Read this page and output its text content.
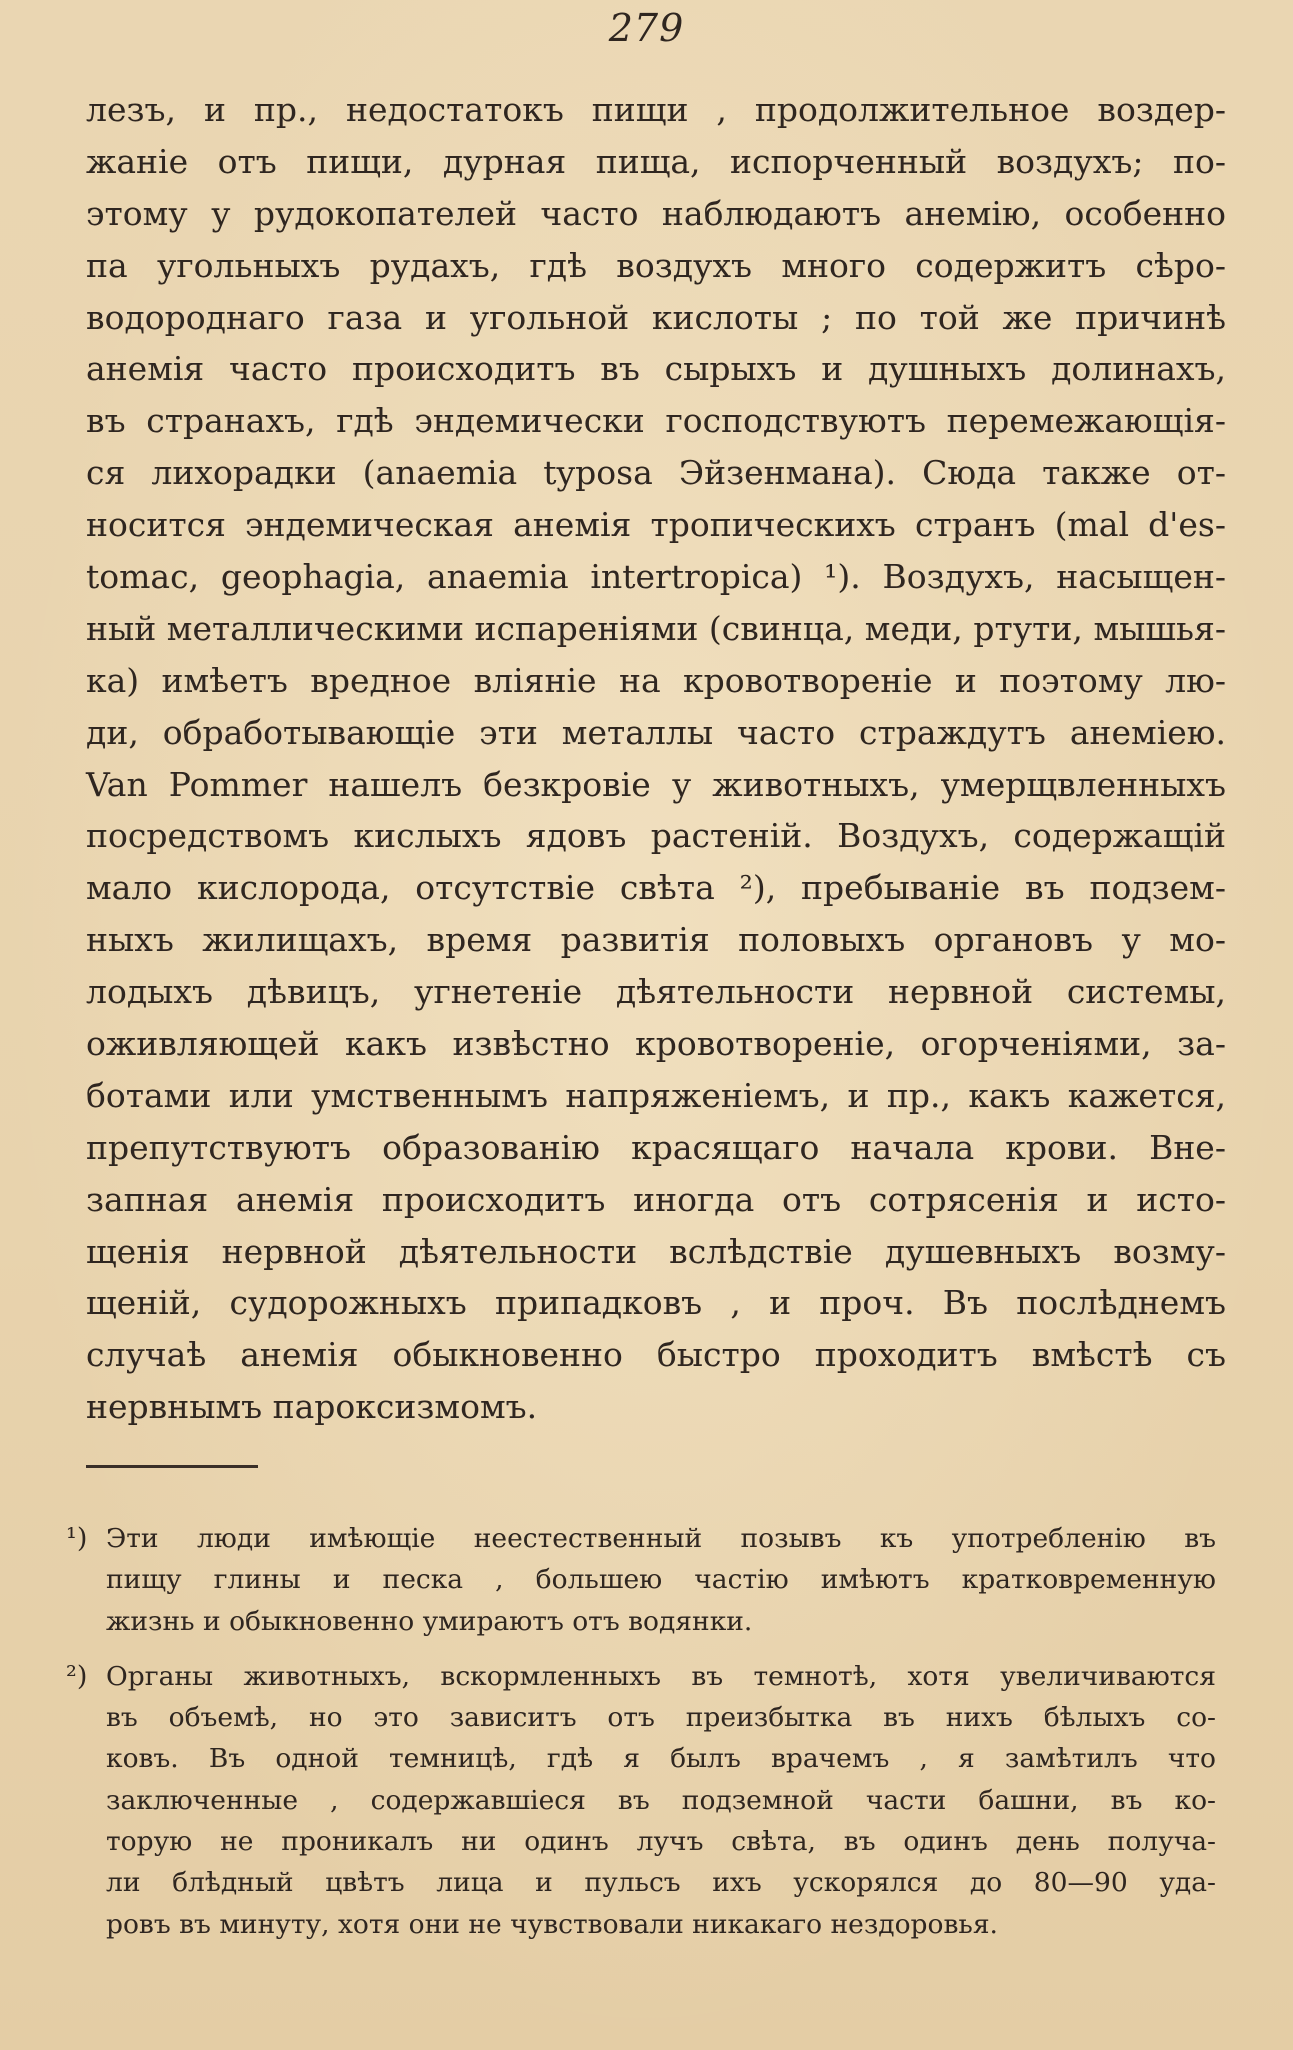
279
лезъ, и пр., недостатокъ пищи , продолжительное воздер-
жаніе отъ пищи, дурная пища, испорченный воздухъ; по-
этому у рудокопателей часто наблюдаютъ анемію, особенно
па угольныхъ рудахъ, гдѣ воздухъ много содержитъ сѣро-
водороднаго газа и угольной кислоты ; по той же причинѣ
анемія часто происходитъ въ сырыхъ и душныхъ долинахъ,
въ странахъ, гдѣ эндемически господствуютъ перемежающія-
ся лихорадки (anaemia typosa Эйзенмана). Сюда также от-
носится эндемическая анемія тропическихъ странъ (mal d'es-
tomac, geophagia, anaemia intertropica) ¹). Воздухъ, насыщен-
ный металлическими испареніями (свинца, меди, ртути, мышья-
ка) имѣетъ вредное вліяніе на кровотвореніе и поэтому лю-
ди, обработывающіе эти металлы часто страждутъ анеміею.
Van Pommer нашелъ безкровіе у животныхъ, умерщвленныхъ
посредствомъ кислыхъ ядовъ растеній. Воздухъ, содержащій
мало кислорода, отсутствіе свѣта ²), пребываніе въ подзем-
ныхъ жилищахъ, время развитія половыхъ органовъ у мо-
лодыхъ дѣвицъ, угнетеніе дѣятельности нервной системы,
оживляющей какъ извѣстно кровотвореніе, огорченіями, за-
ботами или умственнымъ напряженіемъ, и пр., какъ кажется,
препутствуютъ образованію красящаго начала крови. Вне-
запная анемія происходитъ иногда отъ сотрясенія и исто-
щенія нервной дѣятельности вслѣдствіе душевныхъ возму-
щеній, судорожныхъ припадковъ , и проч. Въ послѣднемъ
случаѣ анемія обыкновенно быстро проходитъ вмѣстѣ съ
нервнымъ пароксизмомъ.
¹) Эти люди имѣющіе неестественный позывъ къ употребленію въ
пищу глины и песка , большею частію имѣютъ кратковременную
жизнь и обыкновенно умираютъ отъ водянки.
²) Органы животныхъ, вскормленныхъ въ темнотѣ, хотя увеличиваются
въ объемѣ, но это зависитъ отъ преизбытка въ нихъ бѣлыхъ со-
ковъ. Въ одной темницѣ, гдѣ я былъ врачемъ , я замѣтилъ что
заключенные , содержавшіеся въ подземной части башни, въ ко-
торую не проникалъ ни одинъ лучъ свѣта, въ одинъ день получа-
ли блѣдный цвѣтъ лица и пульсъ ихъ ускорялся до 80—90 уда-
ровъ въ минуту, хотя они не чувствовали никакаго нездоровья.
